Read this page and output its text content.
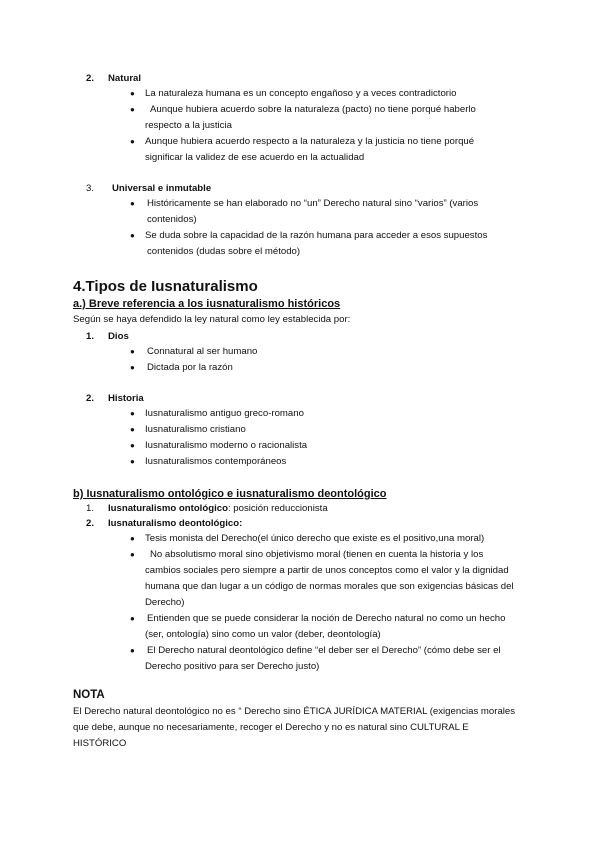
2. Natural
● La naturaleza humana es un concepto engañoso y a veces contradictorio
● Aunque hubiera acuerdo sobre la naturaleza (pacto) no tiene porqué haberlo
respecto a la justicia
● Aunque hubiera acuerdo respecto a la naturaleza y la justicia no tiene porqué
significar la validez de ese acuerdo en la actualidad
3. Universal e inmutable
● Históricamente se han elaborado no “un” Derecho natural sino “varios” (varios
contenidos)
● Se duda sobre la capacidad de la razón humana para acceder a esos supuestos
contenidos (dudas sobre el método)
4.Tipos de Iusnaturalismo
a.) Breve referencia a los iusnaturalismo históricos
Según se haya defendido la ley natural como ley establecida por:
1. Dios
● Connatural al ser humano
● Dictada por la razón
2. Historia
● Iusnaturalismo antiguo greco-romano
● Iusnaturalismo cristiano
● Iusnaturalismo moderno o racionalista
● Iusnaturalismos contemporáneos
b) Iusnaturalismo ontológico e iusnaturalismo deontológico
1. Iusnaturalismo ontológico: posición reduccionista
2. Iusnaturalismo deontológico:
● Tesis monista del Derecho(el único derecho que existe es el positivo,una moral)
● No absolutismo moral sino objetivismo moral (tienen en cuenta la historia y los
cambios sociales pero siempre a partir de unos conceptos como el valor y la dignidad
humana que dan lugar a un código de normas morales que son exigencias básicas del
Derecho)
● Entienden que se puede considerar la noción de Derecho natural no como un hecho
(ser, ontología) sino como un valor (deber, deontología)
● El Derecho natural deontológico define “el deber ser el Derecho” (cómo debe ser el
Derecho positivo para ser Derecho justo)
NOTA
El Derecho natural deontológico no es “ Derecho sino ÉTICA JURÍDICA MATERIAL (exigencias morales
que debe, aunque no necesariamente, recoger el Derecho y no es natural sino CULTURAL E
HISTÓRICO
